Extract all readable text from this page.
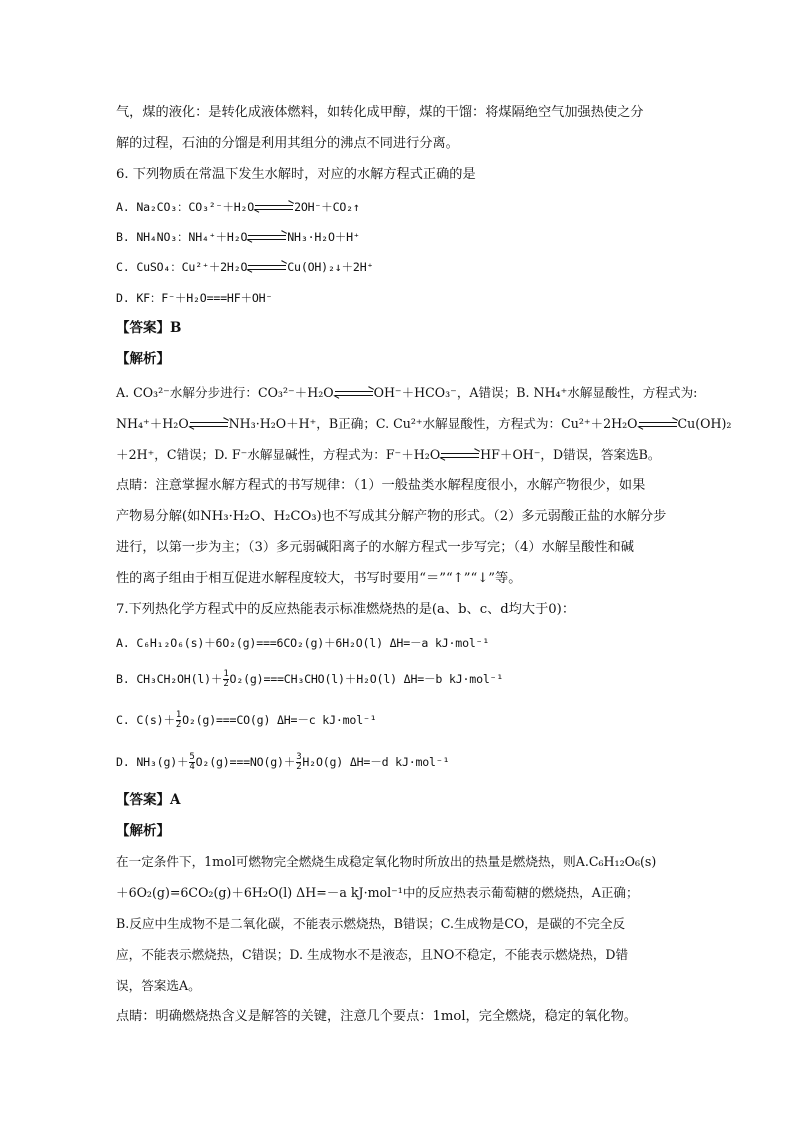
气，煤的液化：是转化成液体燃料，如转化成甲醇，煤的干馏：将煤隔绝空气加强热使之分
解的过程，石油的分馏是利用其组分的沸点不同进行分离。
6. 下列物质在常温下发生水解时，对应的水解方程式正确的是
A. Na₂CO₃：CO₃²⁻＋H₂O	2OH⁻＋CO₂↑
B. NH₄NO₃：NH₄⁺＋H₂O	NH₃·H₂O＋H⁺
C. CuSO₄：Cu²⁺＋2H₂O	Cu(OH)₂↓＋2H⁺
D. KF：F⁻＋H₂O===HF＋OH⁻
【答案】B
【解析】
A. CO₃²⁻水解分步进行：CO₃²⁻＋H₂O	OH⁻＋HCO₃⁻，A错误；B. NH₄⁺水解显酸性，方程式为:
NH₄⁺＋H₂O	NH₃·H₂O＋H⁺，B正确；C. Cu²⁺水解显酸性，方程式为：Cu²⁺＋2H₂O	Cu(OH)₂
＋2H⁺，C错误；D. F⁻水解显碱性，方程式为：F⁻＋H₂O	HF＋OH⁻，D错误，答案选B。
点睛：注意掌握水解方程式的书写规律：（1）一般盐类水解程度很小，水解产物很少，如果
产物易分解(如NH₃·H₂O、H₂CO₃)也不写成其分解产物的形式。（2）多元弱酸正盐的水解分步
进行，以第一步为主；（3）多元弱碱阳离子的水解方程式一步写完；（4）水解呈酸性和碱
性的离子组由于相互促进水解程度较大，书写时要用“＝”“↑”“↓”等。
7.下列热化学方程式中的反应热能表示标准燃烧热的是(a、b、c、d均大于0)：
A. C₆H₁₂O₆(s)＋6O₂(g)===6CO₂(g)＋6H₂O(l) ΔH=－a kJ·mol⁻¹
B. $CH_3CH_2OH(l)+ \frac{1}{2} O_2(g)===CH_3CHO(l)+H_2O(l)$ ΔH=－b kJ·mol⁻¹
C. $C(s)+ \frac{1}{2} O_2(g)===CO(g)$ ΔH=－c kJ·mol⁻¹
D. $NH_3(g)+ \frac{5}{4} O_2(g)===NO(g)+ \frac{3}{2} H_2O(g)$ ΔH=－d kJ·mol⁻¹
【答案】A
【解析】
在一定条件下，1mol可燃物完全燃烧生成稳定氧化物时所放出的热量是燃烧热，则A.C₆H₁₂O₆(s)
＋6O₂(g)=6CO₂(g)＋6H₂O(l) ΔH=－a kJ·mol⁻¹中的反应热表示葡萄糖的燃烧热，A正确；
B.反应中生成物不是二氧化碳，不能表示燃烧热，B错误；C.生成物是CO，是碳的不完全反
应，不能表示燃烧热，C错误；D. 生成物水不是液态，且NO不稳定，不能表示燃烧热，D错
误，答案选A。
点睛：明确燃烧热含义是解答的关键，注意几个要点：1mol，完全燃烧，稳定的氧化物。
